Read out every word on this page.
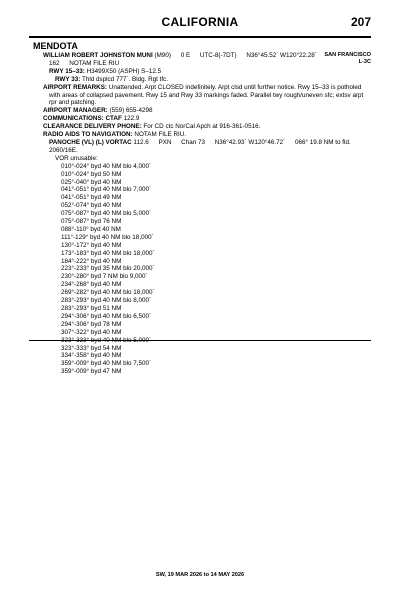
CALIFORNIA	207
MENDOTA
WILLIAM ROBERT JOHNSTON MUNI (M90) 0 E UTC-8(-7DT) N36°45.52´ W120°22.28´
162 NOTAM FILE RIU
SAN FRANCISCO
L-3C
RWY 15–33: H3499X50 (ASPH) S–12.5
RWY 33: Thld dsplcd 777´. Bldg. Rgt tfc.
AIRPORT REMARKS: Unattended. Arpt CLOSED indefinitely. Arpt clsd until further notice. Rwy 15–33 is potholed with areas of collapsed pavement. Rwy 15 and Rwy 33 markings faded. Parallel twy rough/uneven sfc; extsv arpt rpr and patching.
AIRPORT MANAGER: (559) 655-4298
COMMUNICATIONS: CTAF 122.9
CLEARANCE DELIVERY PHONE: For CD ctc NorCal Apch at 916-361-0516.
RADIO AIDS TO NAVIGATION: NOTAM FILE RIU.
PANOCHE (VL) (L) VORTAC 112.6 PXN Chan 73 N36°42.93´ W120°46.72´ 066° 19.8 NM to fld. 2060/16E.
VOR unusable:
010°-024° byd 40 NM blo 4,000´
010°-024° byd 50 NM
025°-040° byd 40 NM
041°-051° byd 40 NM blo 7,000´
041°-051° byd 49 NM
052°-074° byd 40 NM
075°-087° byd 40 NM blo 5,000´
075°-087° byd 76 NM
088°-110° byd 40 NM
111°-129° byd 40 NM blo 18,000´
130°-172° byd 40 NM
173°-183° byd 40 NM blo 18,000´
184°-222° byd 40 NM
223°-233° byd 35 NM blo 20,000´
230°-280° byd 7 NM blo 9,000´
234°-268° byd 40 NM
269°-282° byd 40 NM blo 18,000´
283°-293° byd 40 NM blo 8,000´
283°-293° byd 51 NM
294°-306° byd 40 NM blo 6,500´
294°-306° byd 78 NM
307°-322° byd 40 NM
323°-333° byd 54 NM
334°-358° byd 40 NM
359°-009° byd 40 NM blo 7,500´
359°-009° byd 47 NM
SW, 19 MAR 2026 to 14 MAY 2026
